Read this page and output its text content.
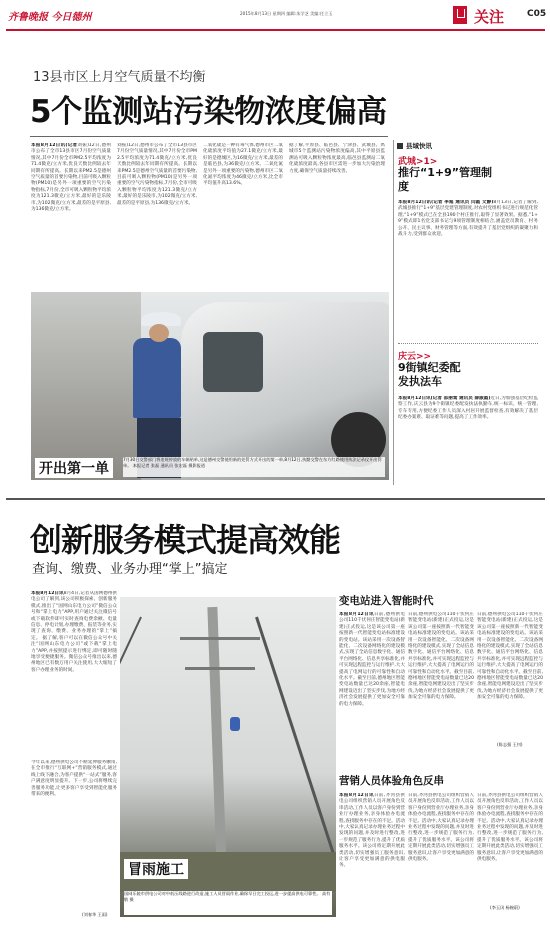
齐鲁晚报 今日德州	2015年8月13日 星期四 编辑:朱学芝 美编:任立玉	关注	C05
13县市区上月空气质量不均衡
5个监测站污染物浓度偏高
本报8月12日讯(记者刘振)12日,德州市公布了全市13县市区7月份空气质量情况,其中7月份全市PM2.5平均浓度为71.4微克/立方米,优良天数比例较去年同期有所提高。长期以来PM2.5是德州空气质量的首要污染物,目前可吸入颗粒物(PM10)是另外一项重要的空气污染物指标,7月份,全市可吸入颗粒物平均浓度为121.3微克/立方米,最好的是乐陵市,为102微克/立方米,最差的是平原县,为136微克/立方米。
刘振)12日,德州市公布了全市13县市区7月份空气质量情况,其中7月份全市PM2.5平均浓度为71.4微克/立方米,优良天数比例较去年同期有所提高。长期以来PM2.5是德州空气质量的首要污染物,目前可吸入颗粒物(PM10)是另外一项重要的空气污染物指标,7月份,全市可吸入颗粒物平均浓度为121.3微克/立方米,最好的是乐陵市,为102微克/立方米,最差的是平原县,为136微克/立方米。
二氧化硫是一种有毒气体,德州市区二氧化硫浓度平均值为27.1微克/立方米,最好的是德城区,为16微克/立方米,最差的是临邑县,为36微克/立方米。二氧化氮是另外一项重要的污染物,德州市区二氧化氮平均浓度为46微克/立方米,比全市平均值升高13.6%。
据了解,平原县、临邑县、宁津县、武城县、禹城市5个监测站污染物浓度偏高,其中平原县监测站可吸入颗粒物浓度最高,临邑县监测站二氧化硫浓度最高,各县市区需进一步加大污染治理力度,确保空气质量持续改善。
开出第一单
7月30日交警部门将违规停放的车辆贴单,这是德州交警使用新的处罚方式开出的第一单,8月12日,执勤交警在东方红路使用执法记录仪开出罚单。 本报记者 张磊 通讯员 张宏磊 摄影报道
县域快讯
武城>1>
推行“1+9”管理制度
本报8月12日讯(记者 李超 通讯员 闫霞 文静)8月13日,记者了解到,武城县推行“1+9”基层党建管理制度,对农村党组织书记进行规范化管理,“1+9”模式已在全县190个村庄推行,取得了显著效果。据悉,“1+9”模式即1名党支部书记与9项管理制度相结合,涵盖党员教育、村务公开、民主议事、财务管理等方面,有效提升了基层党组织的凝聚力和战斗力,受到群众欢迎。
庆云>>
9街镇纪委配发执法车
本报8月12日讯(记者 邵丽鸾 通讯员 薛淑霞)近日,为加强基层纪检监察工作,庆云县为9个街镇纪委配发执法执勤车,统一标识、统一管理,专车专用,方便纪委工作人员深入村居开展监督检查,有效解决了基层纪委办案难、取证难等问题,提高了工作效率。
创新服务模式提高效能
查询、缴费、业务办理“掌上”搞定
本报8月12日讯8月4日,记者从国网德州供电公司了解到,该公司积极探索、创新服务模式,推出了“国网山东电力公司”微信公众号和“掌上电力”APP,用户通过关注微信号或下载软件即可实时查询电费余额、电量信息、停电计划,办理缴费、报装等业务,实现了查询、缴费、业务办理的“掌上”搞定。 据了解,客户可以在微信公众号中关注“国网山东电力公司”或下载“掌上电力”APP,并按照提示进行绑定,即可随时随地享受便捷服务。微信公众号推出以来,德州地区已有数万用户关注使用,大大缩短了客户办理业务的时间。
今年以来,德州供电公司不断延伸服务触角,在全市推行“互联网+”营销服务模式,通过线上线下融合,为客户提供“一站式”服务,客户满意度明显提升。下一步,公司将继续完善服务功能,让更多客户享受到智能化服务带来的便利。
(刘春华 王雨)
冒雨施工
国网乐陵市供电公司对中低压线路进行改造,施工人员冒雨作业,确保早日完工投运,进一步提高供电可靠性。 高有敬 摄
变电站进入智能时代
本报8月12日讯日前,德州供电公司110千伏何庄智能变电站(新建)正式投运,这是该公司第一座按照新一代智能变电站标准建设的变电站。该站采用一次设备智能化、二次设备网络化的建设模式,实现了全站信息数字化、通信平台网络化、信息共享标准化,并可实现远程监控与运行维护,大大提高了电网运行的可靠性和自动化水平。截至目前,德州地区智能变电站数量已达20余座,智能电网建设迈出了坚实步伐,为地方经济社会发展提供了更加安全可靠的电力保障。
日前,德州供电公司110千伏何庄智能变电站(新建)正式投运,这是该公司第一座按照新一代智能变电站标准建设的变电站。该站采用一次设备智能化、二次设备网络化的建设模式,实现了全站信息数字化、通信平台网络化、信息共享标准化,并可实现远程监控与运行维护,大大提高了电网运行的可靠性和自动化水平。截至目前,德州地区智能变电站数量已达20余座,智能电网建设迈出了坚实步伐,为地方经济社会发展提供了更加安全可靠的电力保障。
日前,德州供电公司110千伏何庄智能变电站(新建)正式投运,这是该公司第一座按照新一代智能变电站标准建设的变电站。该站采用一次设备智能化、二次设备网络化的建设模式,实现了全站信息数字化、通信平台网络化、信息共享标准化,并可实现远程监控与运行维护,大大提高了电网运行的可靠性和自动化水平。截至目前,德州地区智能变电站数量已达20余座,智能电网建设迈出了坚实步伐,为地方经济社会发展提供了更加安全可靠的电力保障。
(陈志强 王钊)
营销人员体验角色反串
本报8月12日讯日前,齐河县供电公司组织营销人员开展角色反串活动,工作人员以客户身份到营业厅办理业务,亲身体验办电流程,查找服务中存在的不足。活动中,大家认真记录办理业务过程中发现的问题,并及时进行整改,进一步规范了服务行为,提升了优质服务水平。该公司将定期开展此类活动,切实增强员工服务意识,让客户享受更加满意的供电服务。
日前,齐河县供电公司组织营销人员开展角色反串活动,工作人员以客户身份到营业厅办理业务,亲身体验办电流程,查找服务中存在的不足。活动中,大家认真记录办理业务过程中发现的问题,并及时进行整改,进一步规范了服务行为,提升了优质服务水平。该公司将定期开展此类活动,切实增强员工服务意识,让客户享受更加满意的供电服务。
日前,齐河县供电公司组织营销人员开展角色反串活动,工作人员以客户身份到营业厅办理业务,亲身体验办电流程,查找服务中存在的不足。活动中,大家认真记录办理业务过程中发现的问题,并及时进行整改,进一步规范了服务行为,提升了优质服务水平。该公司将定期开展此类活动,切实增强员工服务意识,让客户享受更加满意的供电服务。
(李玉冈 杨婉蔚)
